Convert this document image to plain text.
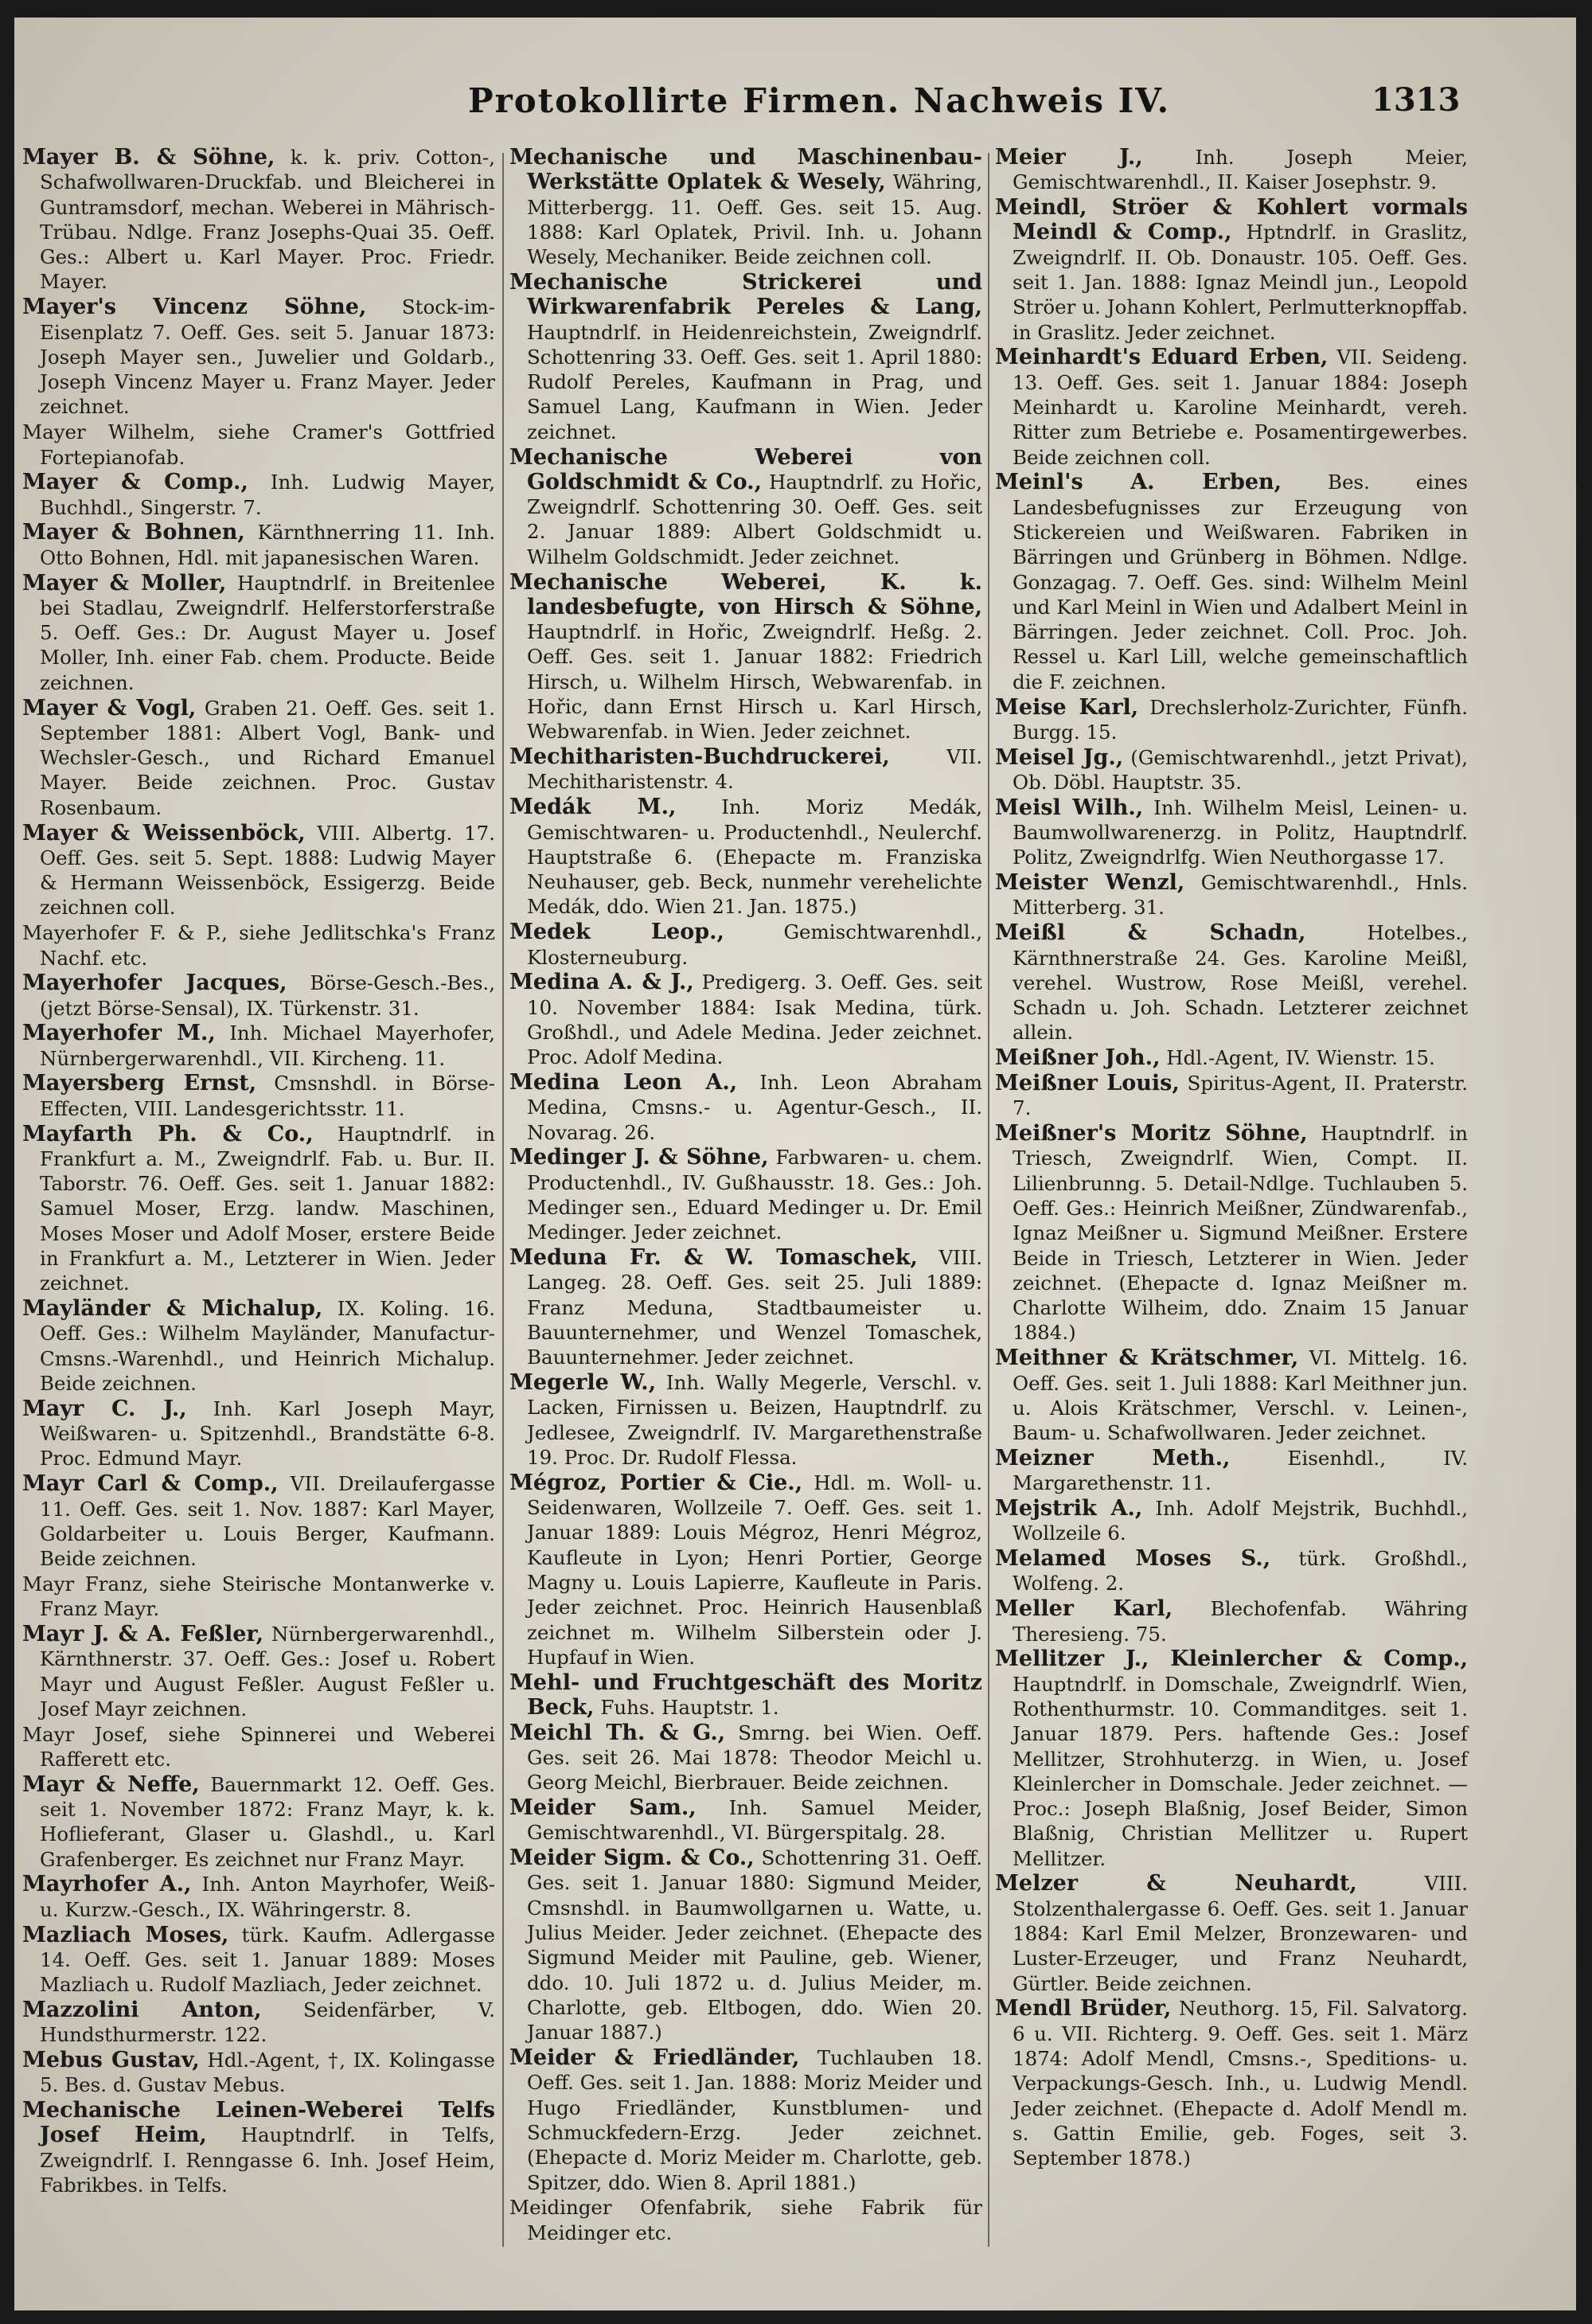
Protokollirte Firmen. Nachweis IV.	1313
Mayer B. & Söhne, k. k. priv. Cotton-, Schafwollwaren-Druckfab. und Bleicherei in Guntramsdorf, mechan. Weberei in Mährisch-Trübau. Ndlge. Franz Josephs-Quai 35. Oeff. Ges.: Albert u. Karl Mayer. Proc. Friedr. Mayer.
Mayer's Vincenz Söhne, Stock-im-Eisenplatz 7. Oeff. Ges. seit 5. Januar 1873: Joseph Mayer sen., Juwelier und Goldarb., Joseph Vincenz Mayer u. Franz Mayer. Jeder zeichnet.
Mayer Wilhelm, siehe Cramer's Gottfried Fortepianofab.
Mayer & Comp., Inh. Ludwig Mayer, Buchhdl., Singerstr. 7.
Mayer & Bohnen, Kärnthnerring 11. Inh. Otto Bohnen, Hdl. mit japanesischen Waren.
Mayer & Moller, Hauptndrlf. in Breitenlee bei Stadlau, Zweigndrlf. Helferstorferstraße 5. Oeff. Ges.: Dr. August Mayer u. Josef Moller, Inh. einer Fab. chem. Producte. Beide zeichnen.
Mayer & Vogl, Graben 21. Oeff. Ges. seit 1. September 1881: Albert Vogl, Bank- und Wechsler-Gesch., und Richard Emanuel Mayer. Beide zeichnen. Proc. Gustav Rosenbaum.
Mayer & Weissenböck, VIII. Albertg. 17. Oeff. Ges. seit 5. Sept. 1888: Ludwig Mayer & Hermann Weissenböck, Essigerzg. Beide zeichnen coll.
Mayerhofer F. & P., siehe Jedlitschka's Franz Nachf. etc.
Mayerhofer Jacques, Börse-Gesch.-Bes., (jetzt Börse-Sensal), IX. Türkenstr. 31.
Mayerhofer M., Inh. Michael Mayerhofer, Nürnbergerwarenhdl., VII. Kircheng. 11.
Mayersberg Ernst, Cmsnshdl. in Börse-Effecten, VIII. Landesgerichtsstr. 11.
Mayfarth Ph. & Co., Hauptndrlf. in Frankfurt a. M., Zweigndrlf. Fab. u. Bur. II. Taborstr. 76. Oeff. Ges. seit 1. Januar 1882: Samuel Moser, Erzg. landw. Maschinen, Moses Moser und Adolf Moser, erstere Beide in Frankfurt a. M., Letzterer in Wien. Jeder zeichnet.
Mayländer & Michalup, IX. Koling. 16. Oeff. Ges.: Wilhelm Mayländer, Manufactur-Cmsns.-Warenhdl., und Heinrich Michalup. Beide zeichnen.
Mayr C. J., Inh. Karl Joseph Mayr, Weißwaren- u. Spitzenhdl., Brandstätte 6-8. Proc. Edmund Mayr.
Mayr Carl & Comp., VII. Dreilaufergasse 11. Oeff. Ges. seit 1. Nov. 1887: Karl Mayer, Goldarbeiter u. Louis Berger, Kaufmann. Beide zeichnen.
Mayr Franz, siehe Steirische Montanwerke v. Franz Mayr.
Mayr J. & A. Feßler, Nürnbergerwarenhdl., Kärnthnerstr. 37. Oeff. Ges.: Josef u. Robert Mayr und August Feßler. August Feßler u. Josef Mayr zeichnen.
Mayr Josef, siehe Spinnerei und Weberei Rafferett etc.
Mayr & Neffe, Bauernmarkt 12. Oeff. Ges. seit 1. November 1872: Franz Mayr, k. k. Hoflieferant, Glaser u. Glashdl., u. Karl Grafenberger. Es zeichnet nur Franz Mayr.
Mayrhofer A., Inh. Anton Mayrhofer, Weiß- u. Kurzw.-Gesch., IX. Währingerstr. 8.
Mazliach Moses, türk. Kaufm. Adlergasse 14. Oeff. Ges. seit 1. Januar 1889: Moses Mazliach u. Rudolf Mazliach, Jeder zeichnet.
Mazzolini Anton, Seidenfärber, V. Hundsthurmerstr. 122.
Mebus Gustav, Hdl.-Agent, †, IX. Kolingasse 5. Bes. d. Gustav Mebus.
Mechanische Leinen-Weberei Telfs Josef Heim, Hauptndrlf. in Telfs, Zweigndrlf. I. Renngasse 6. Inh. Josef Heim, Fabrikbes. in Telfs.
Mechanische und Maschinenbau-Werkstätte Oplatek & Wesely, Währing, Mitterbergg. 11. Oeff. Ges. seit 15. Aug. 1888: Karl Oplatek, Privil. Inh. u. Johann Wesely, Mechaniker. Beide zeichnen coll.
Mechanische Strickerei und Wirkwarenfabrik Pereles & Lang, Hauptndrlf. in Heidenreichstein, Zweigndrlf. Schottenring 33. Oeff. Ges. seit 1. April 1880: Rudolf Pereles, Kaufmann in Prag, und Samuel Lang, Kaufmann in Wien. Jeder zeichnet.
Mechanische Weberei von Goldschmidt & Co., Hauptndrlf. zu Hořic, Zweigndrlf. Schottenring 30. Oeff. Ges. seit 2. Januar 1889: Albert Goldschmidt u. Wilhelm Goldschmidt. Jeder zeichnet.
Mechanische Weberei, K. k. landesbefugte, von Hirsch & Söhne, Hauptndrlf. in Hořic, Zweigndrlf. Heßg. 2. Oeff. Ges. seit 1. Januar 1882: Friedrich Hirsch, u. Wilhelm Hirsch, Webwarenfab. in Hořic, dann Ernst Hirsch u. Karl Hirsch, Webwarenfab. in Wien. Jeder zeichnet.
Mechitharisten-Buchdruckerei, VII. Mechitharistenstr. 4.
Medák M., Inh. Moriz Medák, Gemischtwaren- u. Productenhdl., Neulerchf. Hauptstraße 6. (Ehepacte m. Franziska Neuhauser, geb. Beck, nunmehr verehelichte Medák, ddo. Wien 21. Jan. 1875.)
Medek Leop., Gemischtwarenhdl., Klosterneuburg.
Medina A. & J., Predigerg. 3. Oeff. Ges. seit 10. November 1884: Isak Medina, türk. Großhdl., und Adele Medina. Jeder zeichnet. Proc. Adolf Medina.
Medina Leon A., Inh. Leon Abraham Medina, Cmsns.- u. Agentur-Gesch., II. Novarag. 26.
Medinger J. & Söhne, Farbwaren- u. chem. Productenhdl., IV. Gußhausstr. 18. Ges.: Joh. Medinger sen., Eduard Medinger u. Dr. Emil Medinger. Jeder zeichnet.
Meduna Fr. & W. Tomaschek, VIII. Langeg. 28. Oeff. Ges. seit 25. Juli 1889: Franz Meduna, Stadtbaumeister u. Bauunternehmer, und Wenzel Tomaschek, Bauunternehmer. Jeder zeichnet.
Megerle W., Inh. Wally Megerle, Verschl. v. Lacken, Firnissen u. Beizen, Hauptndrlf. zu Jedlesee, Zweigndrlf. IV. Margarethenstraße 19. Proc. Dr. Rudolf Flessa.
Mégroz, Portier & Cie., Hdl. m. Woll- u. Seidenwaren, Wollzeile 7. Oeff. Ges. seit 1. Januar 1889: Louis Mégroz, Henri Mégroz, Kaufleute in Lyon; Henri Portier, George Magny u. Louis Lapierre, Kaufleute in Paris. Jeder zeichnet. Proc. Heinrich Hausenblaß zeichnet m. Wilhelm Silberstein oder J. Hupfauf in Wien.
Mehl- und Fruchtgeschäft des Moritz Beck, Fuhs. Hauptstr. 1.
Meichl Th. & G., Smrng. bei Wien. Oeff. Ges. seit 26. Mai 1878: Theodor Meichl u. Georg Meichl, Bierbrauer. Beide zeichnen.
Meider Sam., Inh. Samuel Meider, Gemischtwarenhdl., VI. Bürgerspitalg. 28.
Meider Sigm. & Co., Schottenring 31. Oeff. Ges. seit 1. Januar 1880: Sigmund Meider, Cmsnshdl. in Baumwollgarnen u. Watte, u. Julius Meider. Jeder zeichnet. (Ehepacte des Sigmund Meider mit Pauline, geb. Wiener, ddo. 10. Juli 1872 u. d. Julius Meider, m. Charlotte, geb. Eltbogen, ddo. Wien 20. Januar 1887.)
Meider & Friedländer, Tuchlauben 18. Oeff. Ges. seit 1. Jan. 1888: Moriz Meider und Hugo Friedländer, Kunstblumen- und Schmuckfedern-Erzg. Jeder zeichnet. (Ehepacte d. Moriz Meider m. Charlotte, geb. Spitzer, ddo. Wien 8. April 1881.)
Meidinger Ofenfabrik, siehe Fabrik für Meidinger etc.
Meier J., Inh. Joseph Meier, Gemischtwarenhdl., II. Kaiser Josephstr. 9.
Meindl, Ströer & Kohlert vormals Meindl & Comp., Hptndrlf. in Graslitz, Zweigndrlf. II. Ob. Donaustr. 105. Oeff. Ges. seit 1. Jan. 1888: Ignaz Meindl jun., Leopold Ströer u. Johann Kohlert, Perlmutterknopffab. in Graslitz. Jeder zeichnet.
Meinhardt's Eduard Erben, VII. Seideng. 13. Oeff. Ges. seit 1. Januar 1884: Joseph Meinhardt u. Karoline Meinhardt, vereh. Ritter zum Betriebe e. Posamentirgewerbes. Beide zeichnen coll.
Meinl's A. Erben, Bes. eines Landesbefugnisses zur Erzeugung von Stickereien und Weißwaren. Fabriken in Bärringen und Grünberg in Böhmen. Ndlge. Gonzagag. 7. Oeff. Ges. sind: Wilhelm Meinl und Karl Meinl in Wien und Adalbert Meinl in Bärringen. Jeder zeichnet. Coll. Proc. Joh. Ressel u. Karl Lill, welche gemeinschaftlich die F. zeichnen.
Meise Karl, Drechslerholz-Zurichter, Fünfh. Burgg. 15.
Meisel Jg., (Gemischtwarenhdl., jetzt Privat), Ob. Döbl. Hauptstr. 35.
Meisl Wilh., Inh. Wilhelm Meisl, Leinen- u. Baumwollwarenerzg. in Politz, Hauptndrlf. Politz, Zweigndrlfg. Wien Neuthorgasse 17.
Meister Wenzl, Gemischtwarenhdl., Hnls. Mitterberg. 31.
Meißl & Schadn, Hotelbes., Kärnthnerstraße 24. Ges. Karoline Meißl, verehel. Wustrow, Rose Meißl, verehel. Schadn u. Joh. Schadn. Letzterer zeichnet allein.
Meißner Joh., Hdl.-Agent, IV. Wienstr. 15.
Meißner Louis, Spiritus-Agent, II. Praterstr. 7.
Meißner's Moritz Söhne, Hauptndrlf. in Triesch, Zweigndrlf. Wien, Compt. II. Lilienbrunng. 5. Detail-Ndlge. Tuchlauben 5. Oeff. Ges.: Heinrich Meißner, Zündwarenfab., Ignaz Meißner u. Sigmund Meißner. Erstere Beide in Triesch, Letzterer in Wien. Jeder zeichnet. (Ehepacte d. Ignaz Meißner m. Charlotte Wilheim, ddo. Znaim 15 Januar 1884.)
Meithner & Krätschmer, VI. Mittelg. 16. Oeff. Ges. seit 1. Juli 1888: Karl Meithner jun. u. Alois Krätschmer, Verschl. v. Leinen-, Baum- u. Schafwollwaren. Jeder zeichnet.
Meizner Meth., Eisenhdl., IV. Margarethenstr. 11.
Mejstrik A., Inh. Adolf Mejstrik, Buchhdl., Wollzeile 6.
Melamed Moses S., türk. Großhdl., Wolfeng. 2.
Meller Karl, Blechofenfab. Währing Theresieng. 75.
Mellitzer J., Kleinlercher & Comp., Hauptndrlf. in Domschale, Zweigndrlf. Wien, Rothenthurmstr. 10. Commanditges. seit 1. Januar 1879. Pers. haftende Ges.: Josef Mellitzer, Strohhuterzg. in Wien, u. Josef Kleinlercher in Domschale. Jeder zeichnet. — Proc.: Joseph Blaßnig, Josef Beider, Simon Blaßnig, Christian Mellitzer u. Rupert Mellitzer.
Melzer & Neuhardt, VIII. Stolzenthalergasse 6. Oeff. Ges. seit 1. Januar 1884: Karl Emil Melzer, Bronzewaren- und Luster-Erzeuger, und Franz Neuhardt, Gürtler. Beide zeichnen.
Mendl Brüder, Neuthorg. 15, Fil. Salvatorg. 6 u. VII. Richterg. 9. Oeff. Ges. seit 1. März 1874: Adolf Mendl, Cmsns.-, Speditions- u. Verpackungs-Gesch. Inh., u. Ludwig Mendl. Jeder zeichnet. (Ehepacte d. Adolf Mendl m. s. Gattin Emilie, geb. Foges, seit 3. September 1878.)
